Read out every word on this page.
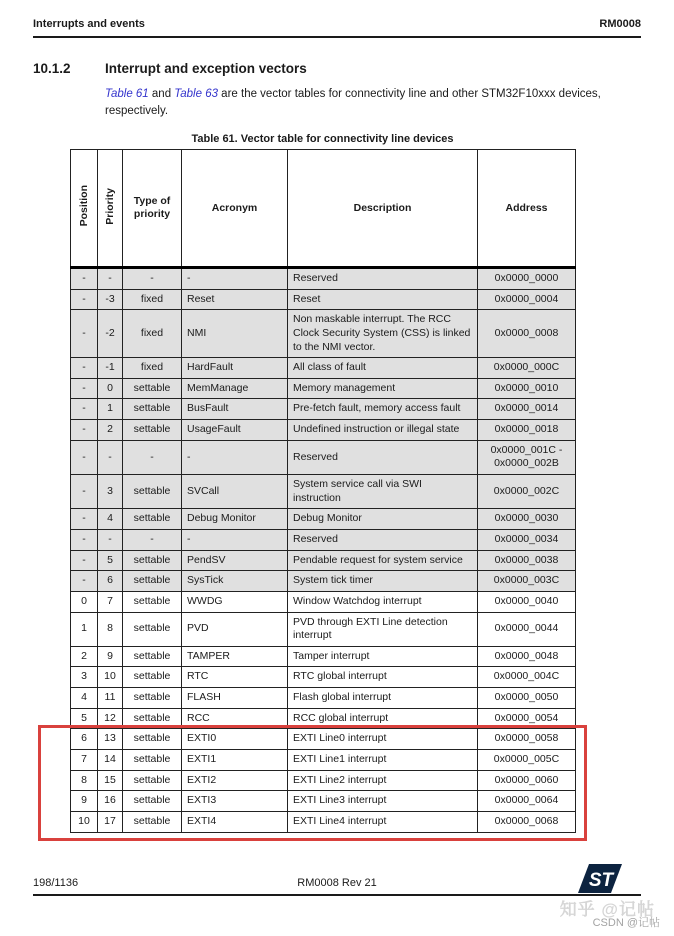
Interrupts and events	RM0008
10.1.2	Interrupt and exception vectors

Table 61 and Table 63 are the vector tables for connectivity line and other STM32F10xxx devices, respectively.

Table 61. Vector table for connectivity line devices
Position	Priority	Type of priority	Acronym	Description	Address
-	-	-	-	Reserved	0x0000_0000
-	-3	fixed	Reset	Reset	0x0000_0004
-	-2	fixed	NMI	Non maskable interrupt. The RCC Clock Security System (CSS) is linked to the NMI vector.	0x0000_0008
-	-1	fixed	HardFault	All class of fault	0x0000_000C
-	0	settable	MemManage	Memory management	0x0000_0010
-	1	settable	BusFault	Pre-fetch fault, memory access fault	0x0000_0014
-	2	settable	UsageFault	Undefined instruction or illegal state	0x0000_0018
-	-	-	-	Reserved	0x0000_001C - 0x0000_002B
-	3	settable	SVCall	System service call via SWI instruction	0x0000_002C
-	4	settable	Debug Monitor	Debug Monitor	0x0000_0030
-	-	-	-	Reserved	0x0000_0034
-	5	settable	PendSV	Pendable request for system service	0x0000_0038
-	6	settable	SysTick	System tick timer	0x0000_003C
0	7	settable	WWDG	Window Watchdog interrupt	0x0000_0040
1	8	settable	PVD	PVD through EXTI Line detection interrupt	0x0000_0044
2	9	settable	TAMPER	Tamper interrupt	0x0000_0048
3	10	settable	RTC	RTC global interrupt	0x0000_004C
4	11	settable	FLASH	Flash global interrupt	0x0000_0050
5	12	settable	RCC	RCC global interrupt	0x0000_0054
6	13	settable	EXTI0	EXTI Line0 interrupt	0x0000_0058
7	14	settable	EXTI1	EXTI Line1 interrupt	0x0000_005C
8	15	settable	EXTI2	EXTI Line2 interrupt	0x0000_0060
9	16	settable	EXTI3	EXTI Line3 interrupt	0x0000_0064
10	17	settable	EXTI4	EXTI Line4 interrupt	0x0000_0068
198/1136	RM0008 Rev 21	ST
知乎 @记帖
CSDN @记帖
